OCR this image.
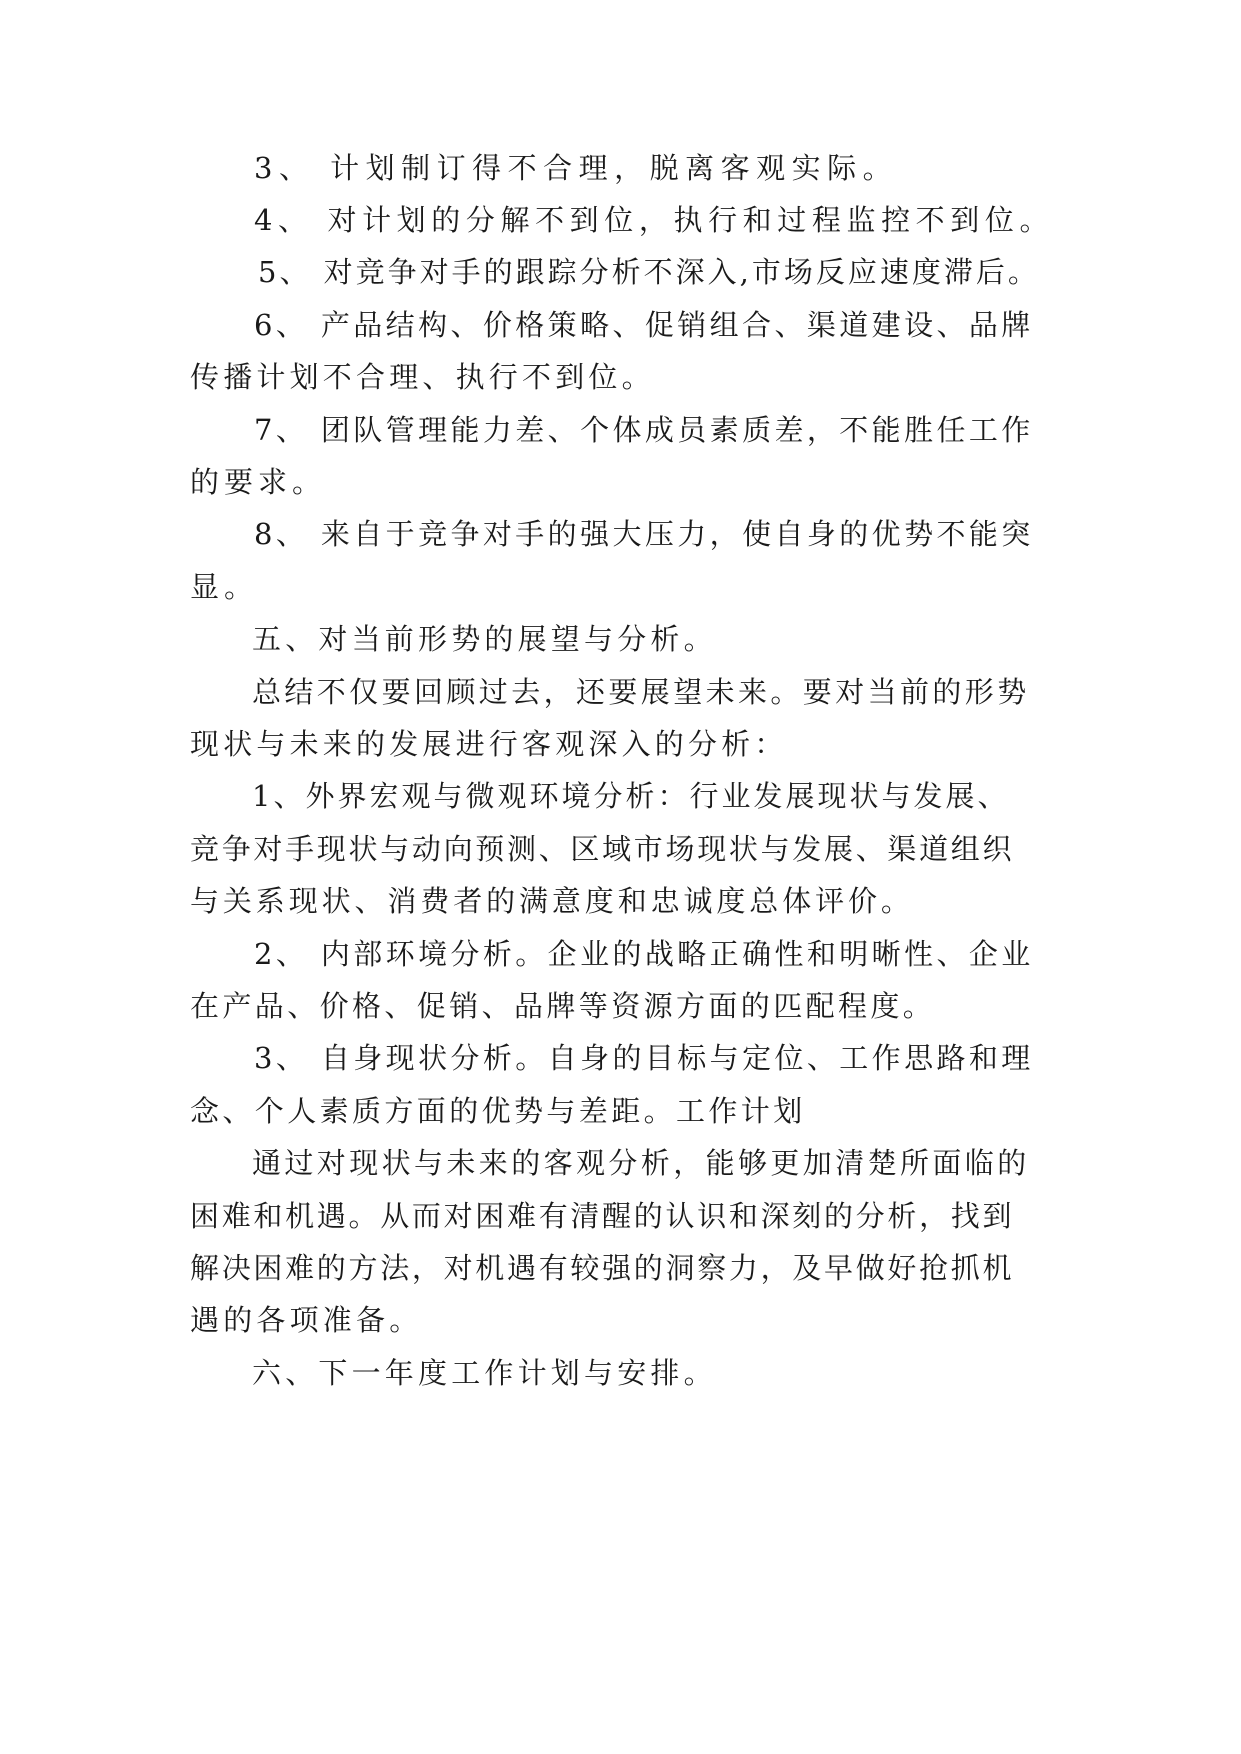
3、 计划制订得不合理，脱离客观实际。
4、 对计划的分解不到位，执行和过程监控不到位。
5、 对竞争对手的跟踪分析不深入,市场反应速度滞后。
6、 产品结构、价格策略、促销组合、渠道建设、品牌
传播计划不合理、执行不到位。
7、 团队管理能力差、个体成员素质差，不能胜任工作
的要求。
8、 来自于竞争对手的强大压力，使自身的优势不能突
显。
五、对当前形势的展望与分析。
总结不仅要回顾过去，还要展望未来。要对当前的形势
现状与未来的发展进行客观深入的分析：
1、外界宏观与微观环境分析：行业发展现状与发展、
竞争对手现状与动向预测、区域市场现状与发展、渠道组织
与关系现状、消费者的满意度和忠诚度总体评价。
2、 内部环境分析。企业的战略正确性和明晰性、企业
在产品、价格、促销、品牌等资源方面的匹配程度。
3、 自身现状分析。自身的目标与定位、工作思路和理
念、个人素质方面的优势与差距。工作计划
通过对现状与未来的客观分析，能够更加清楚所面临的
困难和机遇。从而对困难有清醒的认识和深刻的分析，找到
解决困难的方法，对机遇有较强的洞察力，及早做好抢抓机
遇的各项准备。
六、下一年度工作计划与安排。
